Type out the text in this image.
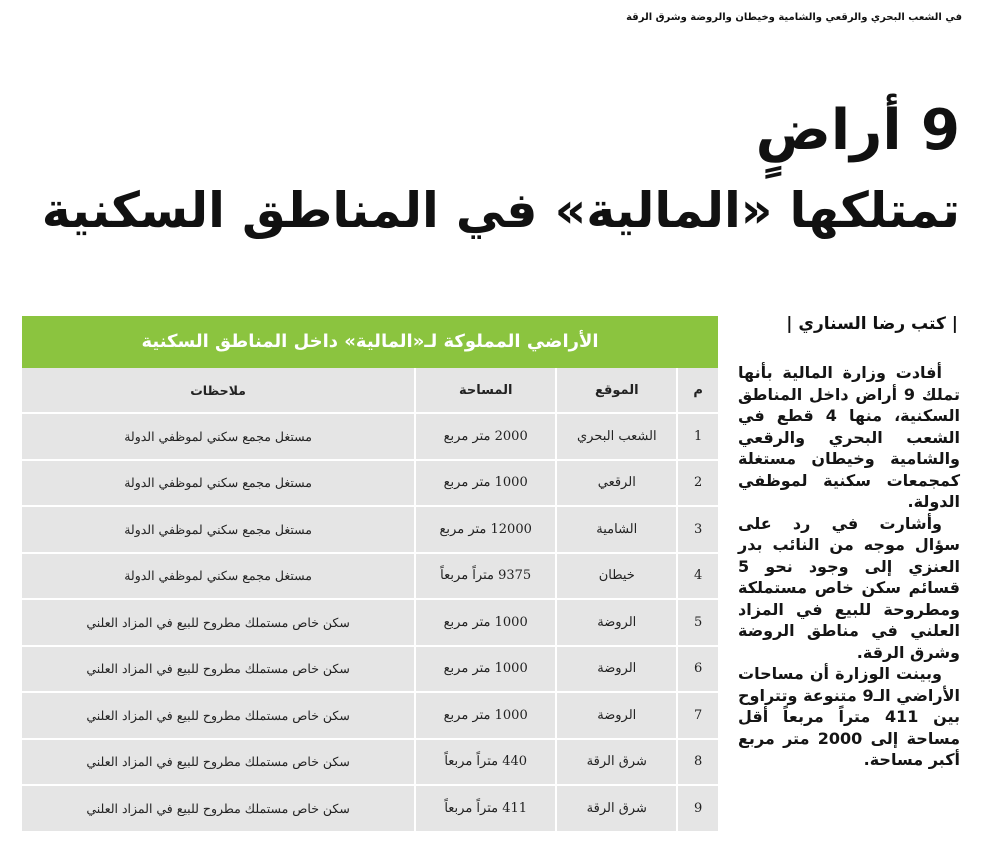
في الشعب البحري والرقعي والشامية وخيطان والروضة وشرق الرقة
9 أراضٍ
تمتلكها «المالية» في المناطق السكنية
| كتب رضا السناري |

أفادت وزارة المالية بأنها تملك 9 أراض داخل المناطق السكنية، منها 4 قطع في الشعب البحري والرقعي والشامية وخيطان مستغلة كمجمعات سكنية لموظفي الدولة.

وأشارت في رد على سؤال موجه من النائب بدر العنزي إلى وجود نحو 5 قسائم سكن خاص مستملكة ومطروحة للبيع في المزاد العلني في مناطق الروضة وشرق الرقة.

وبينت الوزارة أن مساحات الأراضي الـ9 متنوعة وتتراوح بين 411 متراً مربعاً أقل مساحة إلى 2000 متر مربع أكبر مساحة.

الأراضي المملوكة لـ«المالية» داخل المناطق السكنية
م	الموقع	المساحة	ملاحظات
1	الشعب البحري	2000 متر مربع	مستغل مجمع سكني لموظفي الدولة
2	الرقعي	1000 متر مربع	مستغل مجمع سكني لموظفي الدولة
3	الشامية	12000 متر مربع	مستغل مجمع سكني لموظفي الدولة
4	خيطان	9375 متراً مربعاً	مستغل مجمع سكني لموظفي الدولة
5	الروضة	1000 متر مربع	سكن خاص مستملك مطروح للبيع في المزاد العلني
6	الروضة	1000 متر مربع	سكن خاص مستملك مطروح للبيع في المزاد العلني
7	الروضة	1000 متر مربع	سكن خاص مستملك مطروح للبيع في المزاد العلني
8	شرق الرقة	440 متراً مربعاً	سكن خاص مستملك مطروح للبيع في المزاد العلني
9	شرق الرقة	411 متراً مربعاً	سكن خاص مستملك مطروح للبيع في المزاد العلني
